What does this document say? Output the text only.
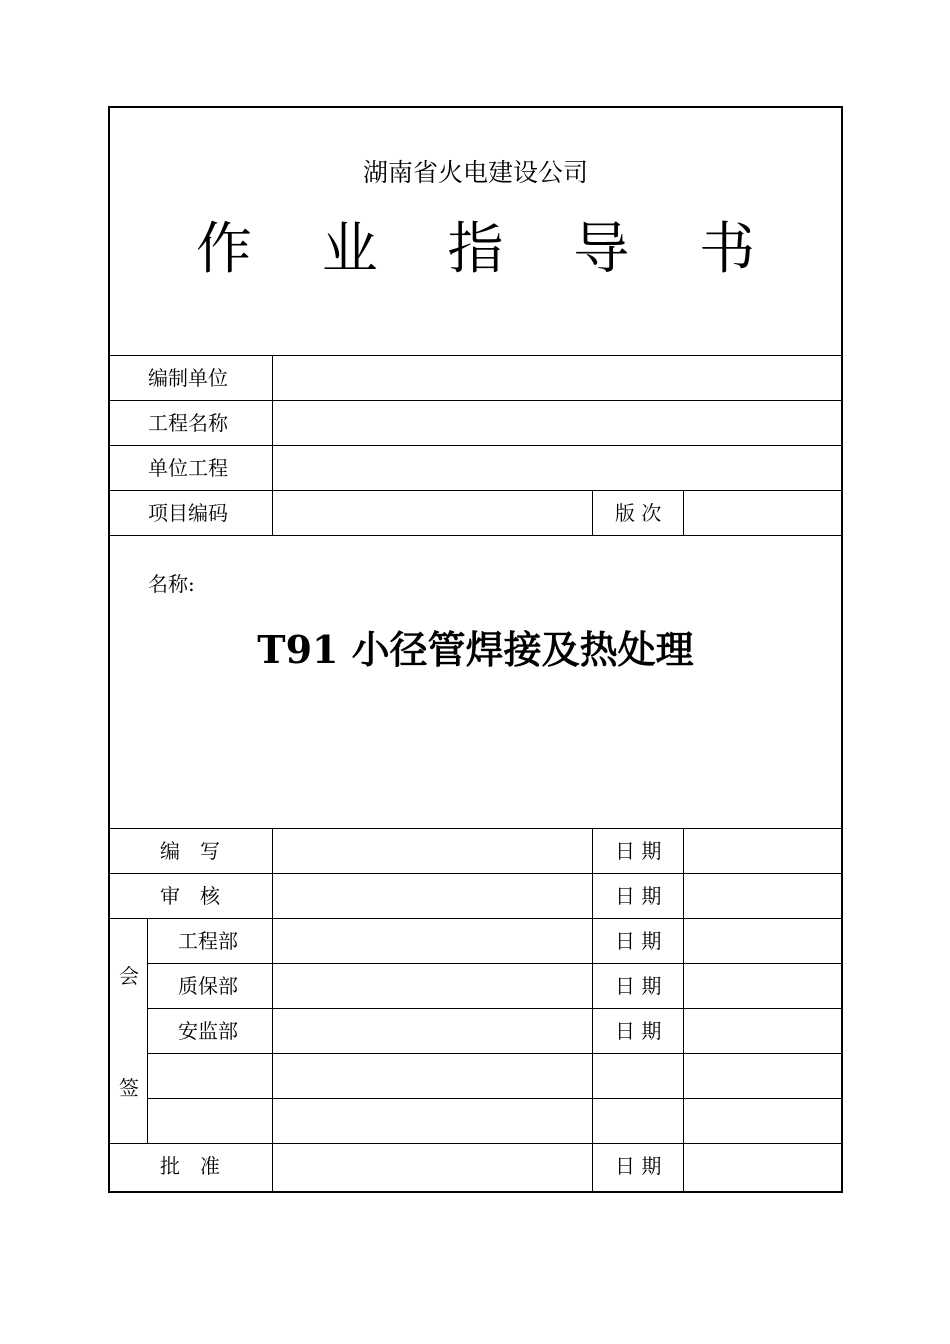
湖南省火电建设公司
作 业 指 导 书
编制单位
工程名称
单位工程
项目编码	版 次
名称:
T91 小径管焊接及热处理
编　写	日 期
审　核	日 期
会
签
工程部	日 期
质保部	日 期
安监部	日 期
批　准	日 期
